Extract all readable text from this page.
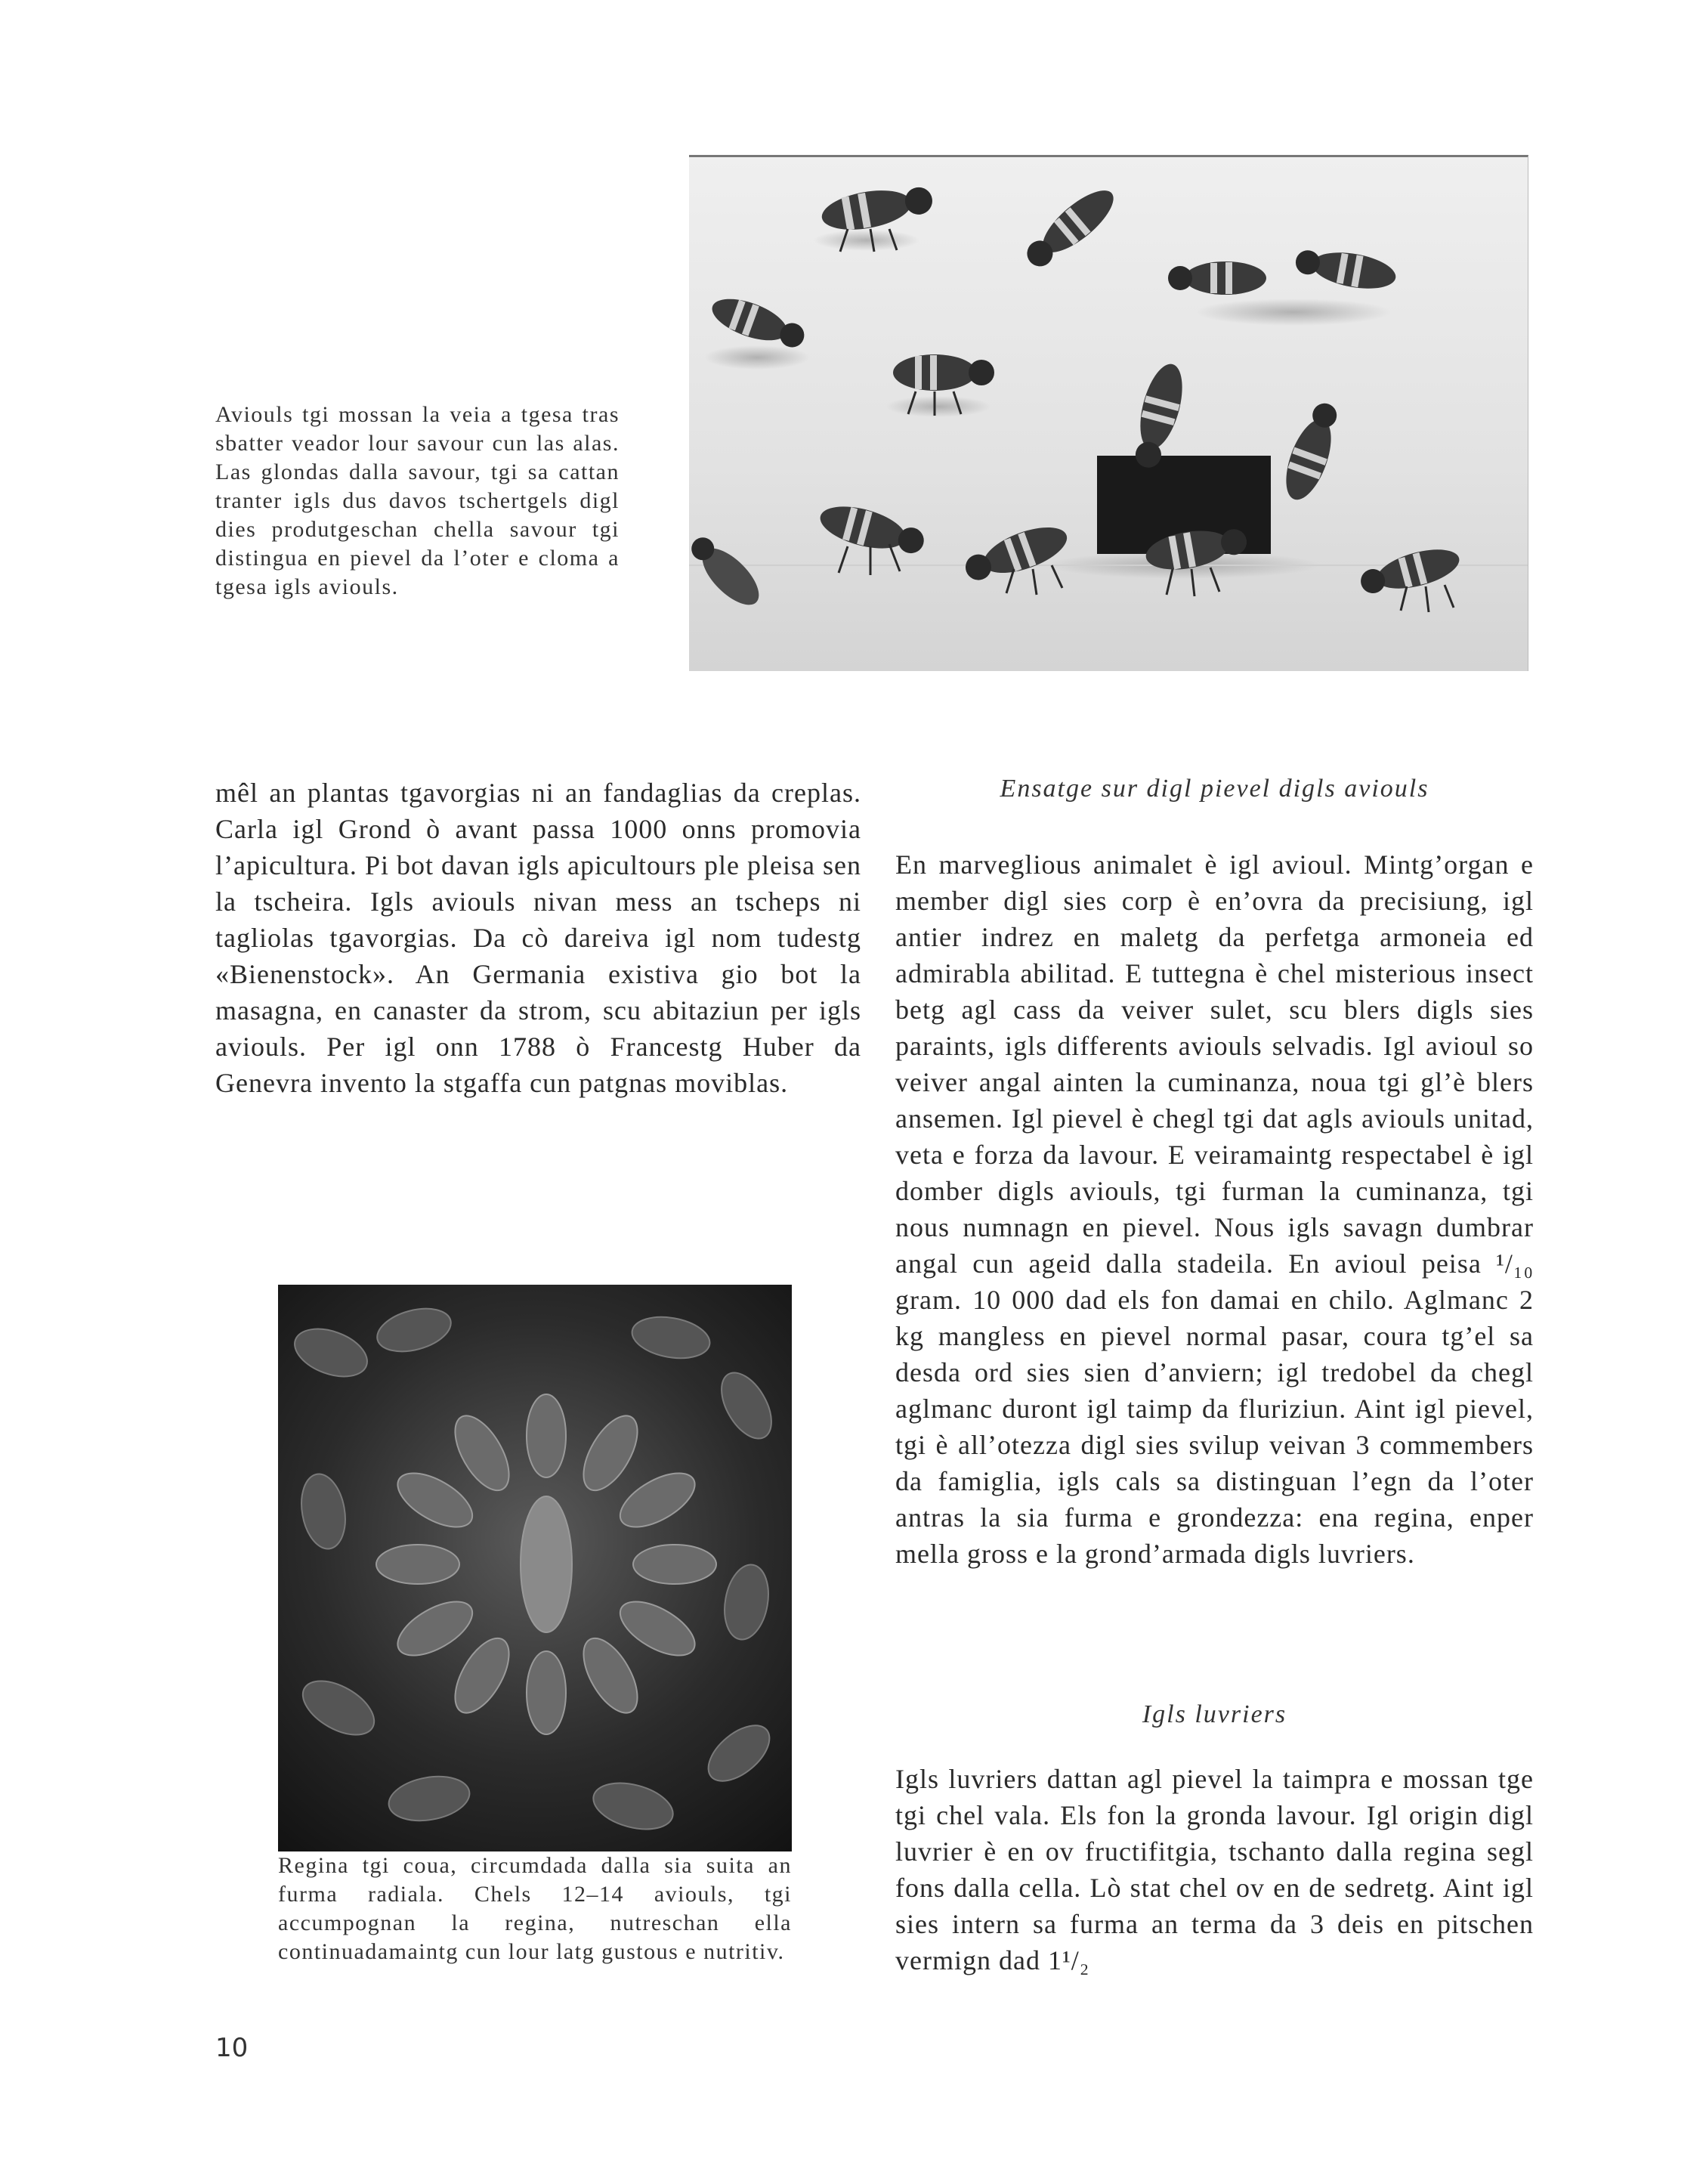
Aviouls tgi mossan la veia a tgesa tras sbatter veador lour savour cun las alas. Las glondas dalla savour, tgi sa cattan tranter igls dus davos tschertgels digl dies produtgeschan chella savour tgi distingua en pievel da l’oter e cloma a tgesa igls aviouls.

mêl an plantas tgavorgias ni an fandaglias da creplas. Carla igl Grond ò avant passa 1000 onns promovia l’apicultura. Pi bot davan igls apicultours ple pleisa sen la tscheira. Igls aviouls nivan mess an tscheps ni tagliolas tgavorgias. Da cò dareiva igl nom tudestg «Bienenstock». An Germania existiva gio bot la masagna, en canaster da strom, scu abitaziun per igls aviouls. Per igl onn 1788 ò Francestg Huber da Genevra invento la stgaffa cun patgnas moviblas.

Ensatge sur digl pievel digls aviouls

En marveglious animalet è igl avioul. Mintg’organ e member digl sies corp è en’ovra da precisiung, igl antier indrez en maletg da perfetga armoneia ed admirabla abilitad. E tuttegna è chel misterious insect betg agl cass da veiver sulet, scu blers digls sies paraints, igls differents aviouls selvadis. Igl avioul so veiver angal ainten la cuminanza, noua tgi gl’è blers ansemen. Igl pievel è chegl tgi dat agls aviouls unitad, veta e forza da lavour. E veiramaintg respectabel è igl domber digls aviouls, tgi furman la cuminanza, tgi nous numnagn en pievel. Nous igls savagn dumbrar angal cun ageid dalla stadeila. En avioul peisa ¹/₁₀ gram. 10 000 dad els fon damai en chilo. Aglmanc 2 kg mangless en pievel normal pasar, coura tg’el sa desda ord sies sien d’anviern; igl tredobel da chegl aglmanc duront igl taimp da fluriziun. Aint igl pievel, tgi è all’otezza digl sies svilup veivan 3 commembers da famiglia, igls cals sa distinguan l’egn da l’oter antras la sia furma e grondezza: ena regina, enper mella gross e la grond’armada digls luvriers.

Regina tgi coua, circumdada dalla sia suita an furma radiala. Chels 12–14 aviouls, tgi accumpognan la regina, nutreschan ella continuadamaintg cun lour latg gustous e nutritiv.

Igls luvriers

Igls luvriers dattan agl pievel la taimpra e mossan tge tgi chel vala. Els fon la gronda lavour. Igl origin digl luvrier è en ov fructifitgia, tschanto dalla regina segl fons dalla cella. Lò stat chel ov en de sedretg. Aint igl sies intern sa furma an terma da 3 deis en pitschen vermign dad 1¹/₂

10
